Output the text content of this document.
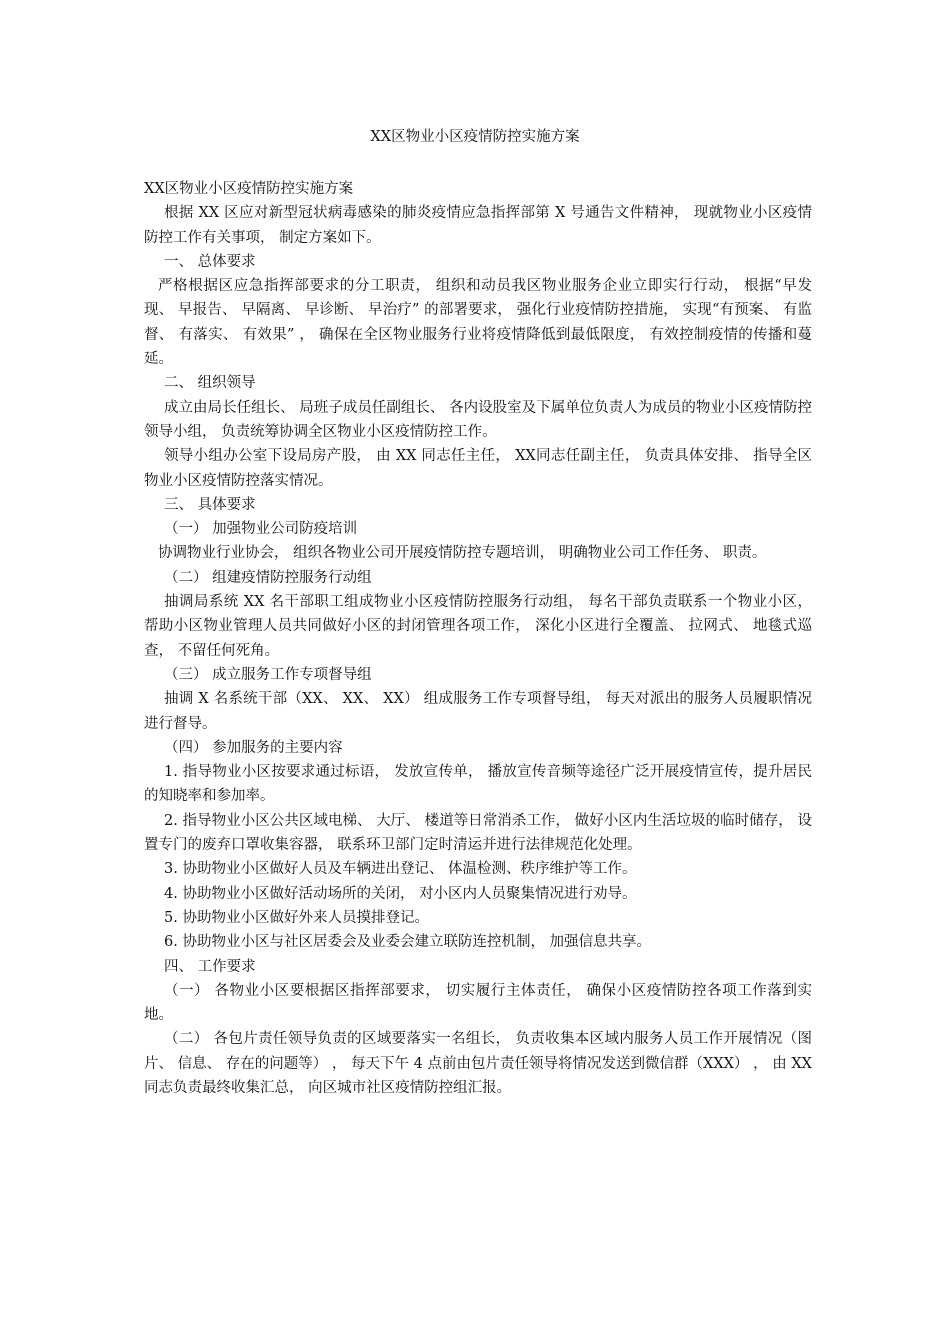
XX区物业小区疫情防控实施方案

XX区物业小区疫情防控实施方案

根据 XX 区应对新型冠状病毒感染的肺炎疫情应急指挥部第 X 号通告文件精神， 现就物业小区疫情防控工作有关事项， 制定方案如下。

一、 总体要求

严格根据区应急指挥部要求的分工职责， 组织和动员我区物业服务企业立即实行行动， 根据“早发现、 早报告、 早隔离、 早诊断、 早治疗” 的部署要求， 强化行业疫情防控措施， 实现“有预案、 有监督、 有落实、 有效果” ， 确保在全区物业服务行业将疫情降低到最低限度， 有效控制疫情的传播和蔓延。

二、 组织领导

成立由局长任组长、 局班子成员任副组长、 各内设股室及下属单位负责人为成员的物业小区疫情防控领导小组， 负责统筹协调全区物业小区疫情防控工作。

领导小组办公室下设局房产股， 由 XX 同志任主任， XX同志任副主任， 负责具体安排、 指导全区物业小区疫情防控落实情况。

三、 具体要求

（一） 加强物业公司防疫培训

协调物业行业协会， 组织各物业公司开展疫情防控专题培训， 明确物业公司工作任务、 职责。

（二） 组建疫情防控服务行动组

抽调局系统 XX 名干部职工组成物业小区疫情防控服务行动组， 每名干部负责联系一个物业小区， 帮助小区物业管理人员共同做好小区的封闭管理各项工作， 深化小区进行全覆盖、 拉网式、 地毯式巡查， 不留任何死角。

（三） 成立服务工作专项督导组

抽调 X 名系统干部（XX、 XX、 XX） 组成服务工作专项督导组， 每天对派出的服务人员履职情况进行督导。

（四） 参加服务的主要内容

1. 指导物业小区按要求通过标语， 发放宣传单， 播放宣传音频等途径广泛开展疫情宣传，提升居民的知晓率和参加率。

2. 指导物业小区公共区域电梯、 大厅、 楼道等日常消杀工作， 做好小区内生活垃圾的临时储存， 设置专门的废弃口罩收集容器， 联系环卫部门定时清运并进行法律规范化处理。

3. 协助物业小区做好人员及车辆进出登记、 体温检测、秩序维护等工作。

4. 协助物业小区做好活动场所的关闭， 对小区内人员聚集情况进行劝导。

5. 协助物业小区做好外来人员摸排登记。

6. 协助物业小区与社区居委会及业委会建立联防连控机制， 加强信息共享。

四、 工作要求

（一） 各物业小区要根据区指挥部要求， 切实履行主体责任， 确保小区疫情防控各项工作落到实地。

（二） 各包片责任领导负责的区域要落实一名组长， 负责收集本区域内服务人员工作开展情况（图片、 信息、 存在的问题等） ， 每天下午 4 点前由包片责任领导将情况发送到微信群（XXX） ， 由 XX 同志负责最终收集汇总， 向区城市社区疫情防控组汇报。
